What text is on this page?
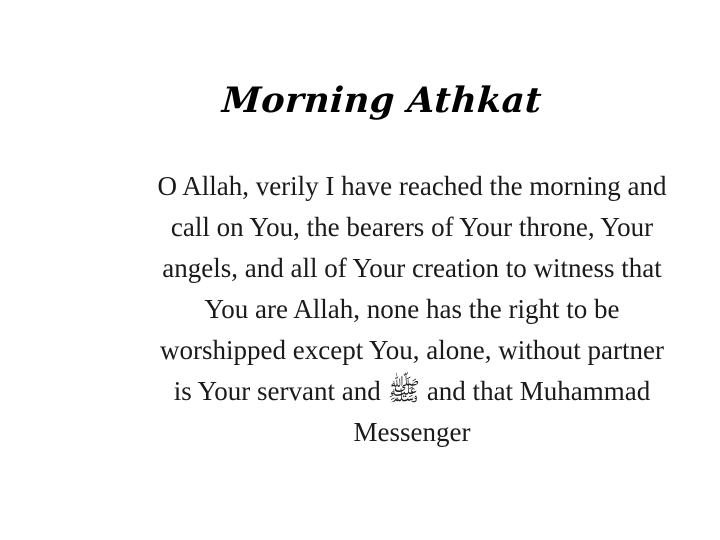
Morning Athkat
O Allah, verily I have reached the morning and
call on You, the bearers of Your throne, Your
angels, and all of Your creation to witness that
You are Allah, none has the right to be
worshipped except You, alone, without partner
is Your servant and ﷺ and that Muhammad
Messenger
